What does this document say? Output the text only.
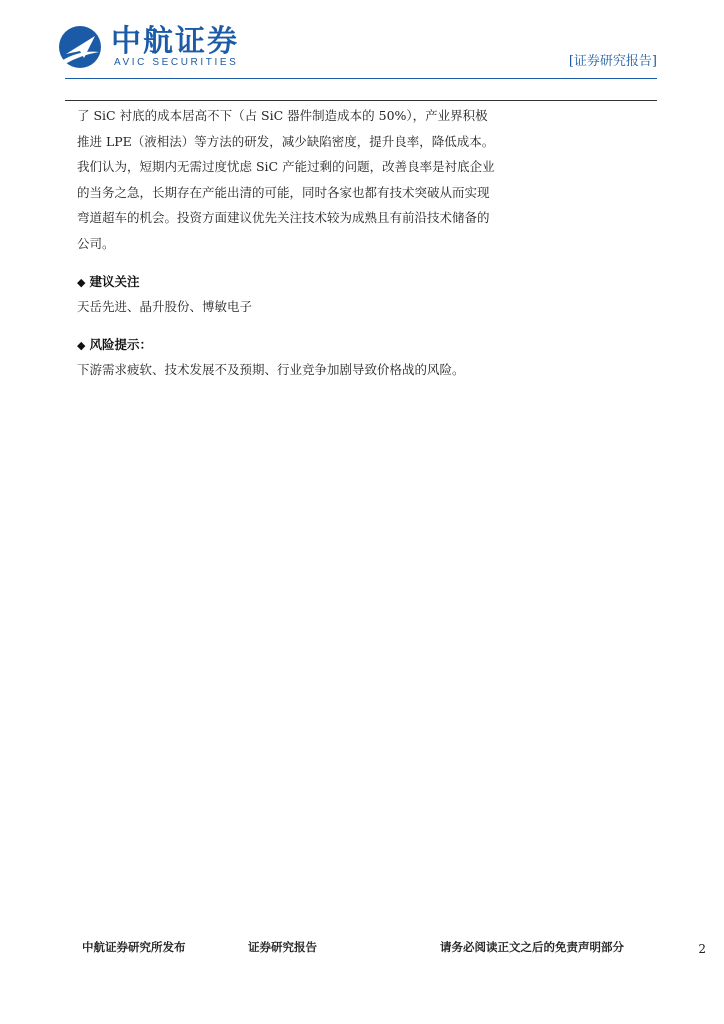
中航证券
AVIC SECURITIES	[证券研究报告]

了 SiC 衬底的成本居高不下（占 SiC 器件制造成本的 50%），产业界积极推进 LPE（液相法）等方法的研发，减少缺陷密度，提升良率，降低成本。我们认为，短期内无需过度忧虑 SiC 产能过剩的问题，改善良率是衬底企业的当务之急，长期存在产能出清的可能，同时各家也都有技术突破从而实现弯道超车的机会。投资方面建议优先关注技术较为成熟且有前沿技术储备的公司。

◆ 建议关注
天岳先进、晶升股份、博敏电子
◆ 风险提示：
下游需求疲软、技术发展不及预期、行业竞争加剧导致价格战的风险。
中航证券研究所发布	证券研究报告	请务必阅读正文之后的免责声明部分	2
